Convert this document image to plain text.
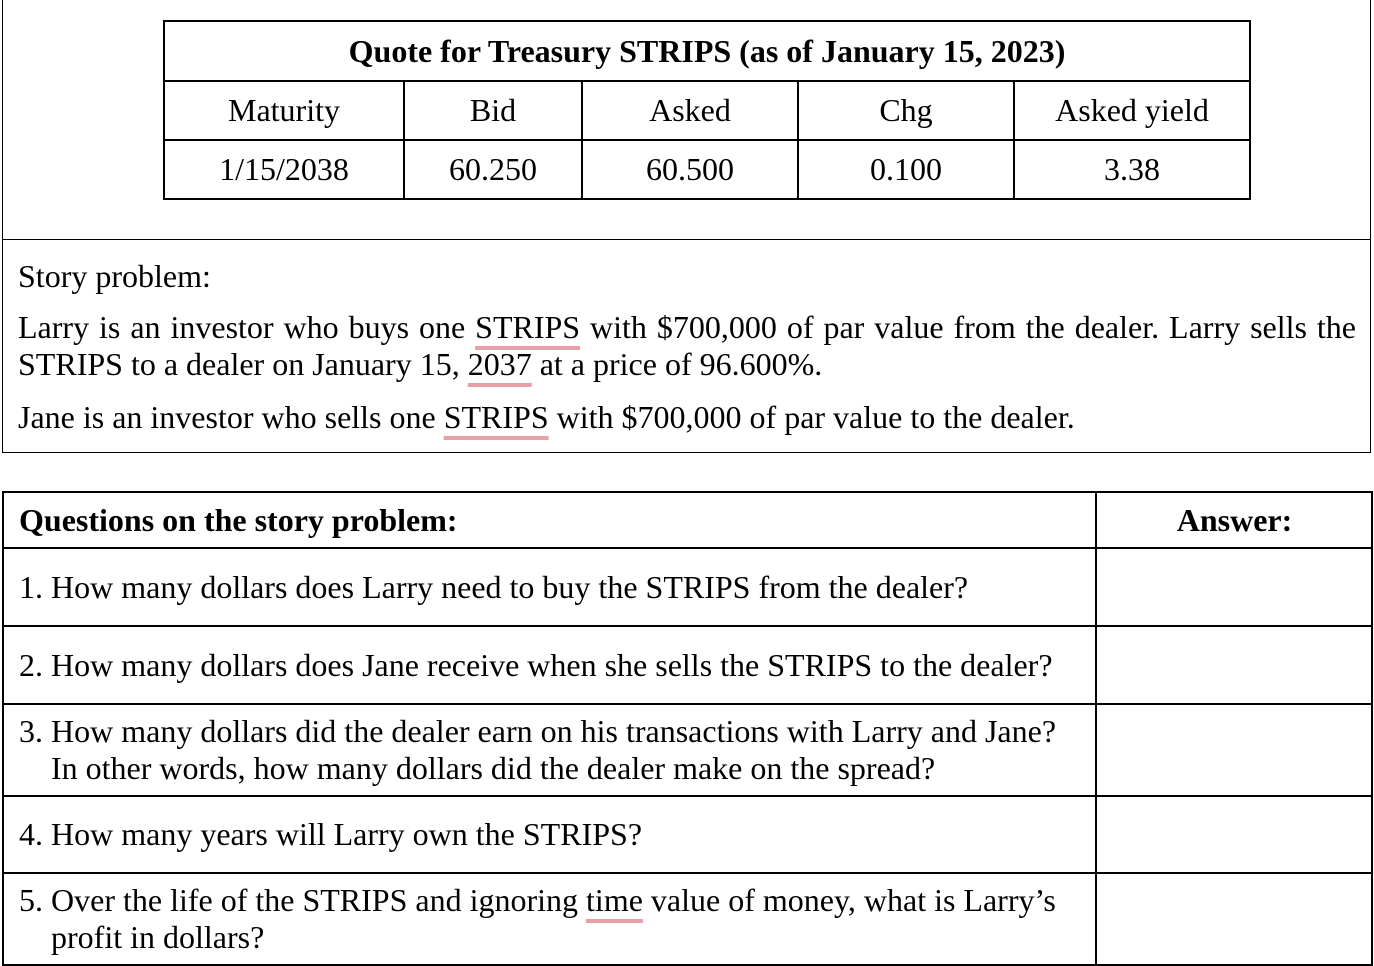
Quote for Treasury STRIPS (as of January 15, 2023)				
Maturity	Bid	Asked	Chg	Asked yield
1/15/2038	60.250	60.500	0.100	3.38

Story problem:

Larry is an investor who buys one STRIPS with $700,000 of par value from the dealer. Larry sells the STRIPS to a dealer on January 15, 2037 at a price of 96.600%.

Jane is an investor who sells one STRIPS with $700,000 of par value to the dealer.

Questions on the story problem:	Answer:

1. How many dollars does Larry need to buy the STRIPS from the dealer?	

2. How many dollars does Jane receive when she sells the STRIPS to the dealer?	

3. How many dollars did the dealer earn on his transactions with Larry and Jane? In other words, how many dollars did the dealer make on the spread?	

4. How many years will Larry own the STRIPS?	

5. Over the life of the STRIPS and ignoring time value of money, what is Larry’s profit in dollars?	
